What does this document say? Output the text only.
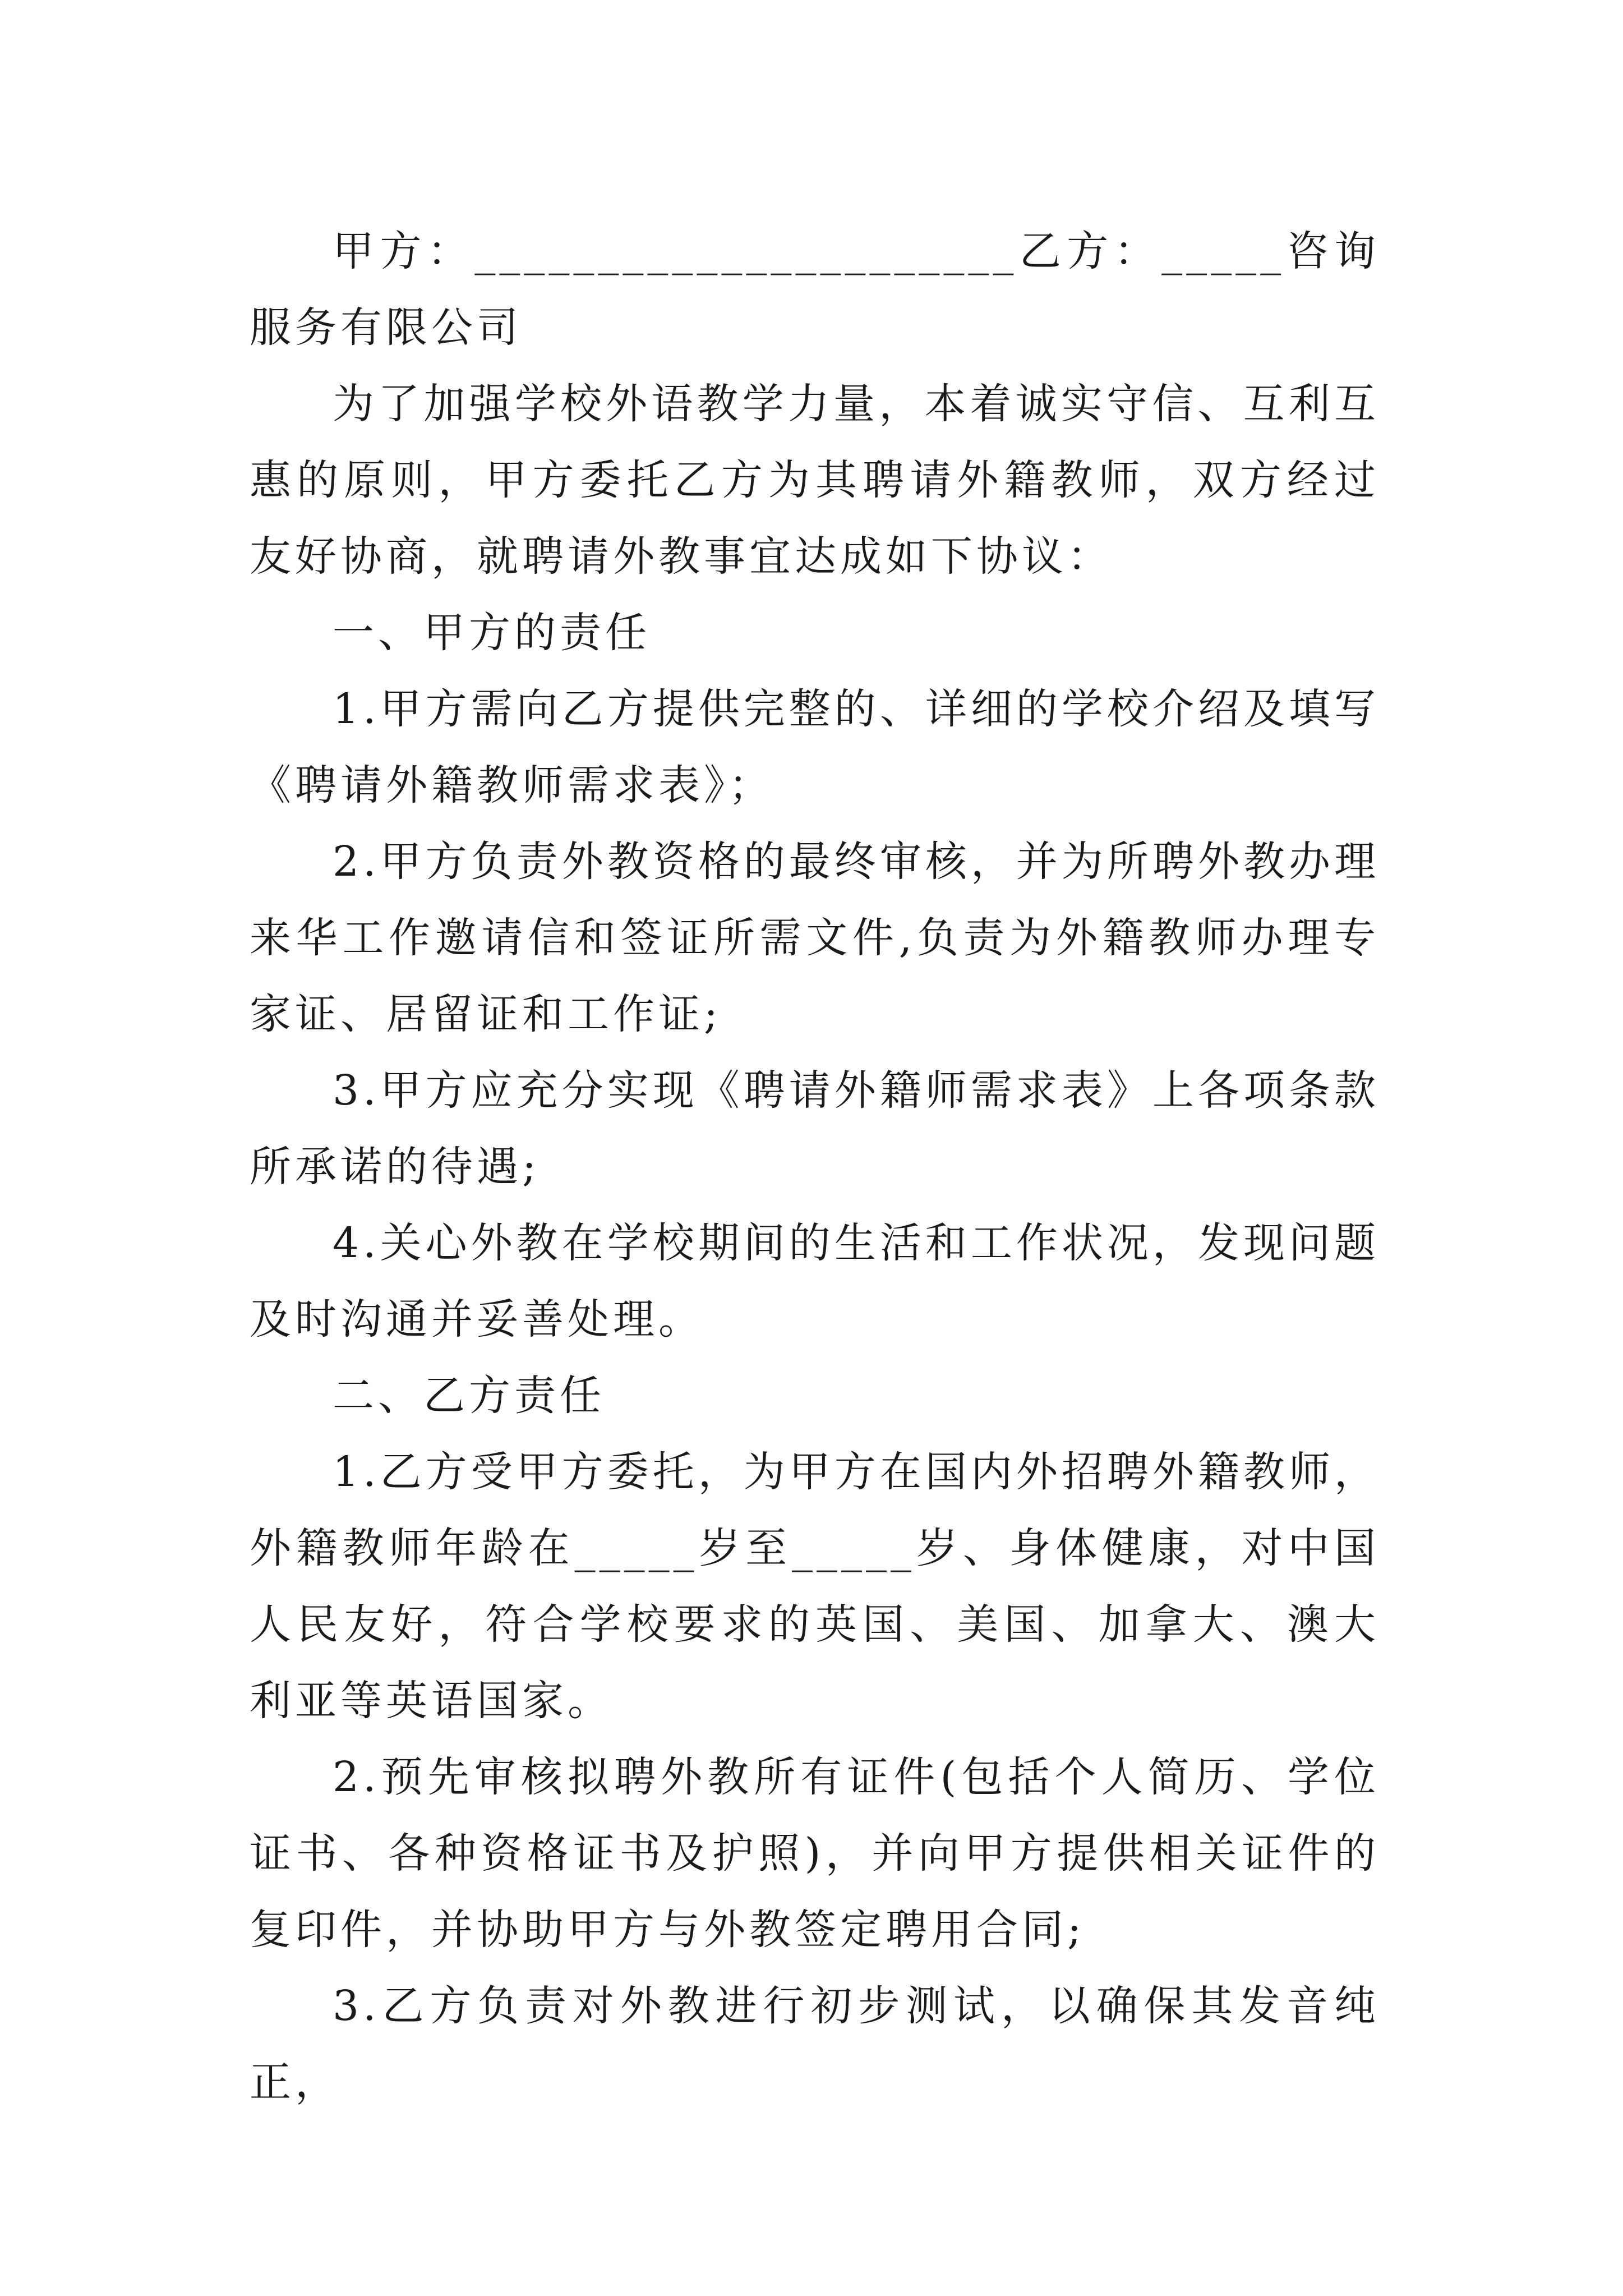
甲方：______________________乙方：_____咨询服务有限公司

为了加强学校外语教学力量，本着诚实守信、互利互惠的原则，甲方委托乙方为其聘请外籍教师，双方经过友好协商，就聘请外教事宜达成如下协议：

一、甲方的责任

1.甲方需向乙方提供完整的、详细的学校介绍及填写《聘请外籍教师需求表》；

2.甲方负责外教资格的最终审核，并为所聘外教办理来华工作邀请信和签证所需文件,负责为外籍教师办理专家证、居留证和工作证;

3.甲方应充分实现《聘请外籍师需求表》上各项条款所承诺的待遇;

4.关心外教在学校期间的生活和工作状况，发现问题及时沟通并妥善处理。

二、乙方责任

1.乙方受甲方委托，为甲方在国内外招聘外籍教师，外籍教师年龄在_____岁至_____岁、身体健康，对中国人民友好，符合学校要求的英国、美国、加拿大、澳大利亚等英语国家。

2.预先审核拟聘外教所有证件(包括个人简历、学位证书、各种资格证书及护照)，并向甲方提供相关证件的复印件，并协助甲方与外教签定聘用合同;

3.乙方负责对外教进行初步测试，以确保其发音纯正，
